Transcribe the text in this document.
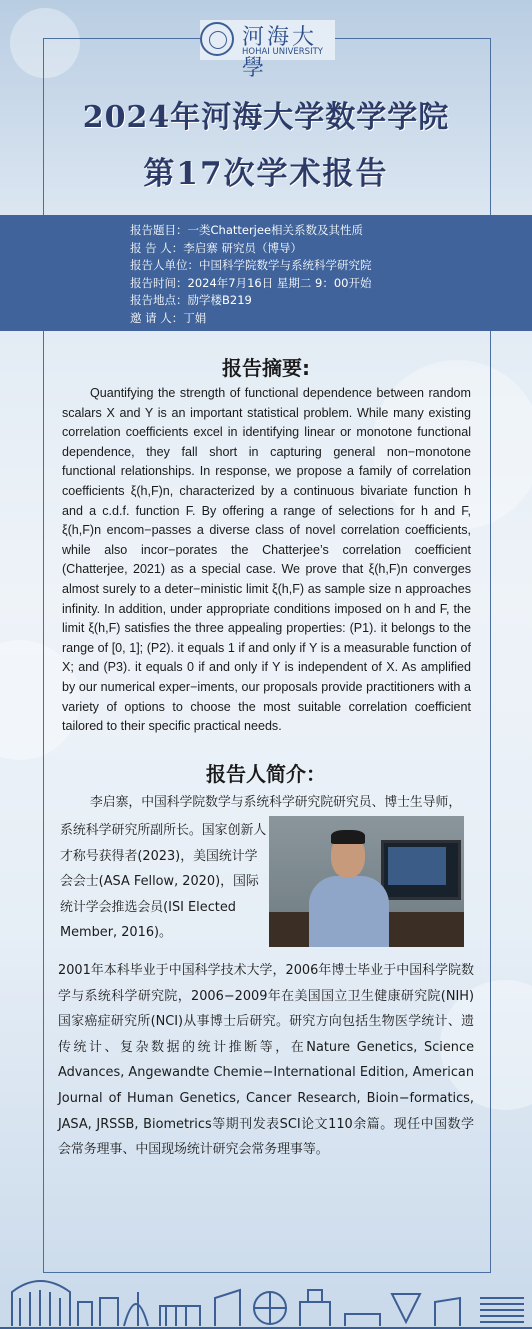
河海大學
HOHAI UNIVERSITY
2024年河海大学数学学院
第17次学术报告
报告题目：一类Chatterjee相关系数及其性质
报 告 人：李启寨 研究员（博导）
报告人单位：中国科学院数学与系统科学研究院
报告时间：2024年7月16日 星期二 9：00开始
报告地点：励学楼B219
邀 请 人：丁娟
报告摘要:
Quantifying the strength of functional dependence between random scalars X and Y is an important statistical problem. While many existing correlation coefficients excel in identifying linear or monotone functional dependence, they fall short in capturing general non−monotone functional relationships. In response, we propose a family of correlation coefficients ξ(h,F)n, characterized by a continuous bivariate function h and a c.d.f. function F. By offering a range of selections for h and F, ξ(h,F)n encom−passes a diverse class of novel correlation coefficients, while also incor−porates the Chatterjee’s correlation coefficient (Chatterjee, 2021) as a special case. We prove that ξ(h,F)n converges almost surely to a deter−ministic limit ξ(h,F) as sample size n approaches infinity. In addition, under appropriate conditions imposed on h and F, the limit ξ(h,F) satisfies the three appealing properties: (P1). it belongs to the range of [0, 1]; (P2). it equals 1 if and only if Y is a measurable function of X; and (P3). it equals 0 if and only if Y is independent of X. As amplified by our numerical exper−iments, our proposals provide practitioners with a variety of options to choose the most suitable correlation coefficient tailored to their specific practical needs.
报告人简介：
李启寨，中国科学院数学与系统科学研究院研究员、博士生导师，
系统科学研究所副所长。国家创新人才称号获得者(2023)，美国统计学会会士(ASA Fellow, 2020)，国际统计学会推选会员(ISI Elected Member, 2016)。
2001年本科毕业于中国科学技术大学，2006年博士毕业于中国科学院数学与系统科学研究院，2006−2009年在美国国立卫生健康研究院(NIH)国家癌症研究所(NCI)从事博士后研究。研究方向包括生物医学统计、遗传统计、复杂数据的统计推断等，在Nature Genetics, Science Advances, Angewandte Chemie−International Edition, American Journal of Human Genetics, Cancer Research, Bioin−formatics, JASA, JRSSB, Biometrics等期刊发表SCI论文110余篇。现任中国数学会常务理事、中国现场统计研究会常务理事等。
